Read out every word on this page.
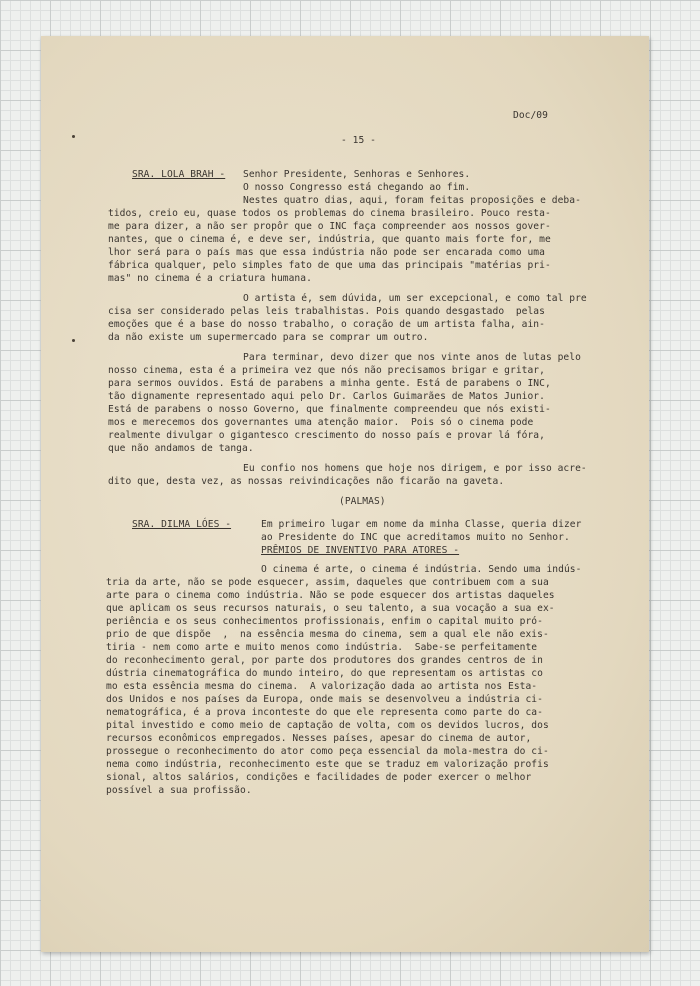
Doc/09
- 15 -
SRA. LOLA BRAH - Senhor Presidente, Senhoras e Senhores.
O nosso Congresso está chegando ao fim.
Nestes quatro dias, aqui, foram feitas proposições e deba-
tidos, creio eu, quase todos os problemas do cinema brasileiro. Pouco resta-
me para dizer, a não ser propôr que o INC faça compreender aos nossos gover-
nantes, que o cinema é, e deve ser, indústria, que quanto mais forte for, me
lhor será para o país mas que essa indústria não pode ser encarada como uma
fábrica qualquer, pelo simples fato de que uma das principais "matérias pri-
mas" no cinema é a criatura humana.
O artista é, sem dúvida, um ser excepcional, e como tal pre
cisa ser considerado pelas leis trabalhistas. Pois quando desgastado  pelas
emoções que é a base do nosso trabalho, o coração de um artista falha, ain-
da não existe um supermercado para se comprar um outro.
Para terminar, devo dizer que nos vinte anos de lutas pelo
nosso cinema, esta é a primeira vez que nós não precisamos brigar e gritar,
para sermos ouvidos. Está de parabens a minha gente. Está de parabens o INC,
tão dignamente representado aqui pelo Dr. Carlos Guimarães de Matos Junior.
Está de parabens o nosso Governo, que finalmente compreendeu que nós existi-
mos e merecemos dos governantes uma atenção maior.  Pois só o cinema pode
realmente divulgar o gigantesco crescimento do nosso país e provar lá fóra,
que não andamos de tanga.
Eu confio nos homens que hoje nos dirigem, e por isso acre-
dito que, desta vez, as nossas reivindicações não ficarão na gaveta.
(PALMAS)
SRA. DILMA LÓES -	Em primeiro lugar em nome da minha Classe, queria dizer
ao Presidente do INC que acreditamos muito no Senhor.
PRÊMIOS DE INVENTIVO PARA ATORES -
O cinema é arte, o cinema é indústria. Sendo uma indús-
tria da arte, não se pode esquecer, assim, daqueles que contribuem com a sua
arte para o cinema como indústria. Não se pode esquecer dos artistas daqueles
que aplicam os seus recursos naturais, o seu talento, a sua vocação a sua ex-
periência e os seus conhecimentos profissionais, enfim o capital muito pró-
prio de que dispõe  ,  na essência mesma do cinema, sem a qual ele não exis-
tiria - nem como arte e muito menos como indústria.  Sabe-se perfeitamente
do reconhecimento geral, por parte dos produtores dos grandes centros de in
dústria cinematográfica do mundo inteiro, do que representam os artistas co
mo esta essência mesma do cinema.  A valorização dada ao artista nos Esta-
dos Unidos e nos países da Europa, onde mais se desenvolveu a indústria ci-
nematográfica, é a prova inconteste do que ele representa como parte do ca-
pital investido e como meio de captação de volta, com os devidos lucros, dos
recursos econômicos empregados. Nesses países, apesar do cinema de autor,
prossegue o reconhecimento do ator como peça essencial da mola-mestra do ci-
nema como indústria, reconhecimento este que se traduz em valorização profis
sional, altos salários, condições e facilidades de poder exercer o melhor
possível a sua profissão.
